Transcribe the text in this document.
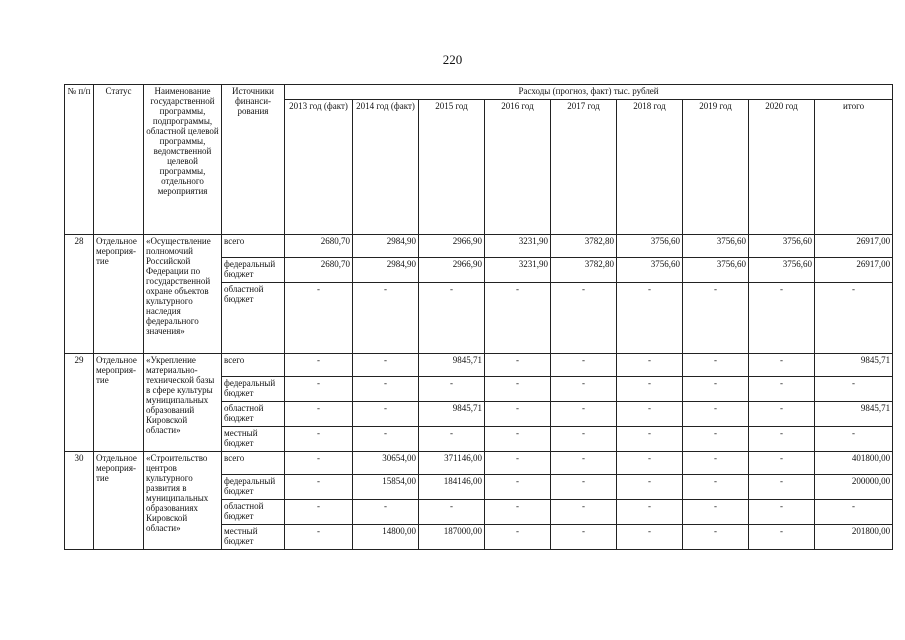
220
№ п/п	Статус	Наименование государственной программы, подпрограммы, областной целевой программы, ведомственной целевой программы, отдельного мероприятия	Источники финансирования	Расходы (прогноз, факт) тыс. рублей								
				2013 год (факт)	2014 год (факт)	2015 год	2016 год	2017 год	2018 год	2019 год	2020 год	итого
28	Отдельное мероприятие	«Осуществление полномочий Российской Федерации по государственной охране объектов культурного наследия федерального значения»	всего	2680,70	2984,90	2966,90	3231,90	3782,80	3756,60	3756,60	3756,60	26917,00
			федеральный бюджет	2680,70	2984,90	2966,90	3231,90	3782,80	3756,60	3756,60	3756,60	26917,00
			областной бюджет	-	-	-	-	-	-	-	-	-
29	Отдельное мероприятие	«Укрепление материально-технической базы в сфере культуры муниципальных образований Кировской области»	всего	-	-	9845,71	-	-	-	-	-	9845,71
			федеральный бюджет	-	-	-	-	-	-	-	-	-
			областной бюджет	-	-	9845,71	-	-	-	-	-	9845,71
			местный бюджет	-	-	-	-	-	-	-	-	-
30	Отдельное мероприятие	«Строительство центров культурного развития в муниципальных образованиях Кировской области»	всего	-	30654,00	371146,00	-	-	-	-	-	401800,00
			федеральный бюджет	-	15854,00	184146,00	-	-	-	-	-	200000,00
			областной бюджет	-	-	-	-	-	-	-	-	-
			местный бюджет	-	14800,00	187000,00	-	-	-	-	-	201800,00
